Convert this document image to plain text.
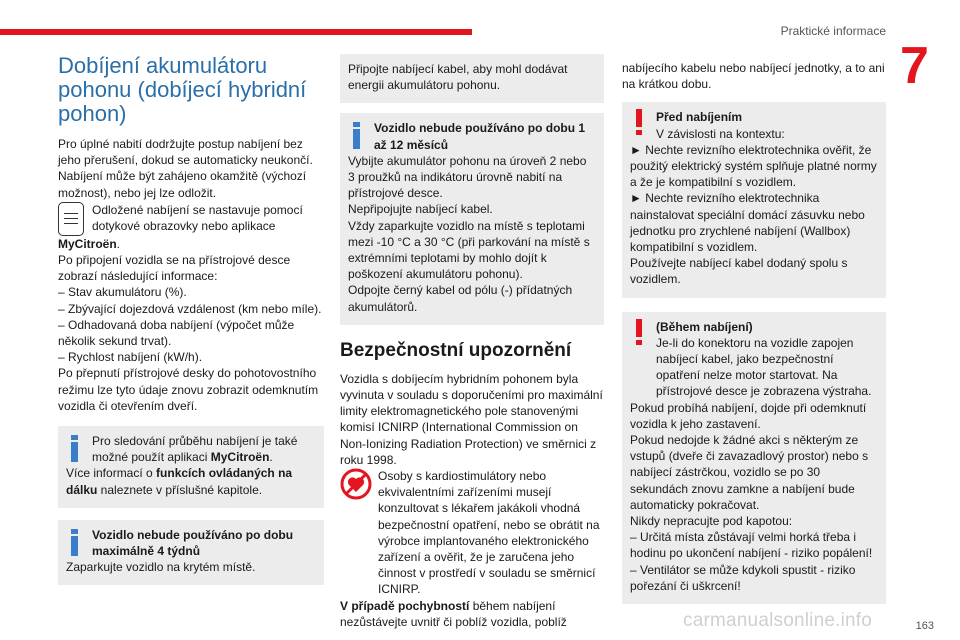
Praktické informace
7
Dobíjení akumulátoru pohonu (dobíjecí hybridní pohon)

Pro úplné nabití dodržujte postup nabíjení bez jeho přerušení, dokud se automaticky neukončí. Nabíjení může být zahájeno okamžitě (výchozí možnost), nebo jej lze odložit.

Odložené nabíjení se nastavuje pomocí dotykové obrazovky nebo aplikace

MyCitroën.

Po připojení vozidla se na přístrojové desce zobrazí následující informace:

– Stav akumulátoru (%).

– Zbývající dojezdová vzdálenost (km nebo míle).

– Odhadovaná doba nabíjení (výpočet může několik sekund trvat).

– Rychlost nabíjení (kW/h).

Po přepnutí přístrojové desky do pohotovostního režimu lze tyto údaje znovu zobrazit odemknutím vozidla či otevřením dveří.

Pro sledování průběhu nabíjení je také možné použít aplikaci MyCitroën.

Více informací o funkcích ovládaných na dálku naleznete v příslušné kapitole.

Vozidlo nebude používáno po dobu maximálně 4 týdnů

Zaparkujte vozidlo na krytém místě.

Připojte nabíjecí kabel, aby mohl dodávat energii akumulátoru pohonu.

Vozidlo nebude používáno po dobu 1 až 12 měsíců

Vybijte akumulátor pohonu na úroveň 2 nebo 3 proužků na indikátoru úrovně nabití na přístrojové desce.

Nepřipojujte nabíjecí kabel.

Vždy zaparkujte vozidlo na místě s teplotami mezi -10 °C a 30 °C (při parkování na místě s extrémními teplotami by mohlo dojít k poškození akumulátoru pohonu).

Odpojte černý kabel od pólu (-) přídatných akumulátorů.

Bezpečnostní upozornění

Vozidla s dobíjecím hybridním pohonem byla vyvinuta v souladu s doporučeními pro maximální limity elektromagnetického pole stanovenými komisí ICNIRP (International Commission on Non-Ionizing Radiation Protection) ve směrnici z roku 1998.

Osoby s kardiostimulátory nebo ekvivalentními zařízeními musejí konzultovat s lékařem jakákoli vhodná bezpečnostní opatření, nebo se obrátit na výrobce implantovaného elektronického zařízení a ověřit, že je zaručena jeho činnost v prostředí v souladu se směrnicí ICNIRP.

V případě pochybností během nabíjení nezůstávejte uvnitř či poblíž vozidla, poblíž

nabíjecího kabelu nebo nabíjecí jednotky, a to ani na krátkou dobu.

Před nabíjením

V závislosti na kontextu:

► Nechte revizního elektrotechnika ověřit, že použitý elektrický systém splňuje platné normy a že je kompatibilní s vozidlem.

► Nechte revizního elektrotechnika nainstalovat speciální domácí zásuvku nebo jednotku pro zrychlené nabíjení (Wallbox) kompatibilní s vozidlem.

Používejte nabíjecí kabel dodaný spolu s vozidlem.

(Během nabíjení)

Je-li do konektoru na vozidle zapojen nabíjecí kabel, jako bezpečnostní opatření nelze motor startovat. Na přístrojové desce je zobrazena výstraha.

Pokud probíhá nabíjení, dojde při odemknutí vozidla k jeho zastavení.

Pokud nedojde k žádné akci s některým ze vstupů (dveře či zavazadlový prostor) nebo s nabíjecí zástrčkou, vozidlo se po 30 sekundách znovu zamkne a nabíjení bude automaticky pokračovat.

Nikdy nepracujte pod kapotou:

– Určitá místa zůstávají velmi horká třeba i hodinu po ukončení nabíjení - riziko popálení!

– Ventilátor se může kdykoli spustit - riziko pořezání či uškrcení!

carmanualsonline.info	163
